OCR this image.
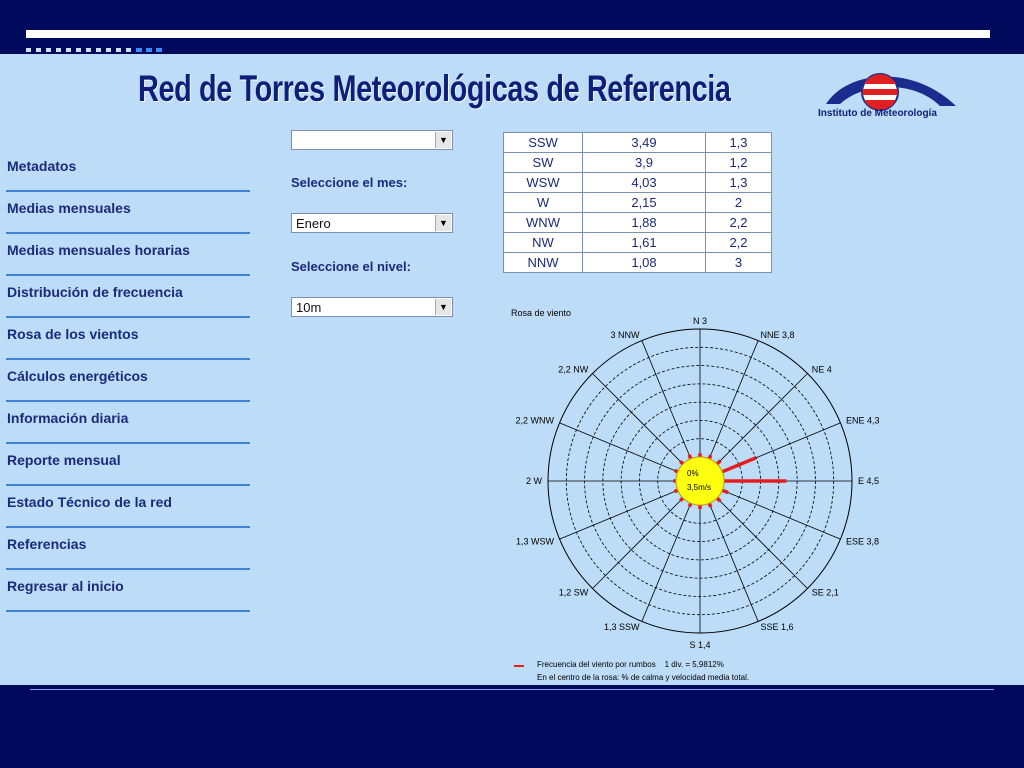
Red de Torres Meteorológicas de Referencia
Instituto de Meteorología
Metadatos
Medias mensuales
Medias mensuales horarias
Distribución de frecuencia
Rosa de los vientos
Cálculos energéticos
Información diaria
Reporte mensual
Estado Técnico de la red
Referencias
Regresar al inicio
▼
Seleccione el mes:
Enero	▼
Seleccione el nivel:
10m	▼
SSW	3,49	1,3
SW	3,9	1,2
WSW	4,03	1,3
W	2,15	2
WNW	1,88	2,2
NW	1,61	2,2
NNW	1,08	3
Rosa de viento
0%
3,5m/s
N 3
NNE 3,8
NE 4
ENE 4,3
E 4,5
ESE 3,8
SE 2,1
SSE 1,6
S 1,4
1,3 SSW
1,2 SW
1,3 WSW
2 W
2,2 WNW
2,2 NW
3 NNW
Frecuencia del viento por rumbos    1 div. = 5,9812%
En el centro de la rosa: % de calma y velocidad media total.
